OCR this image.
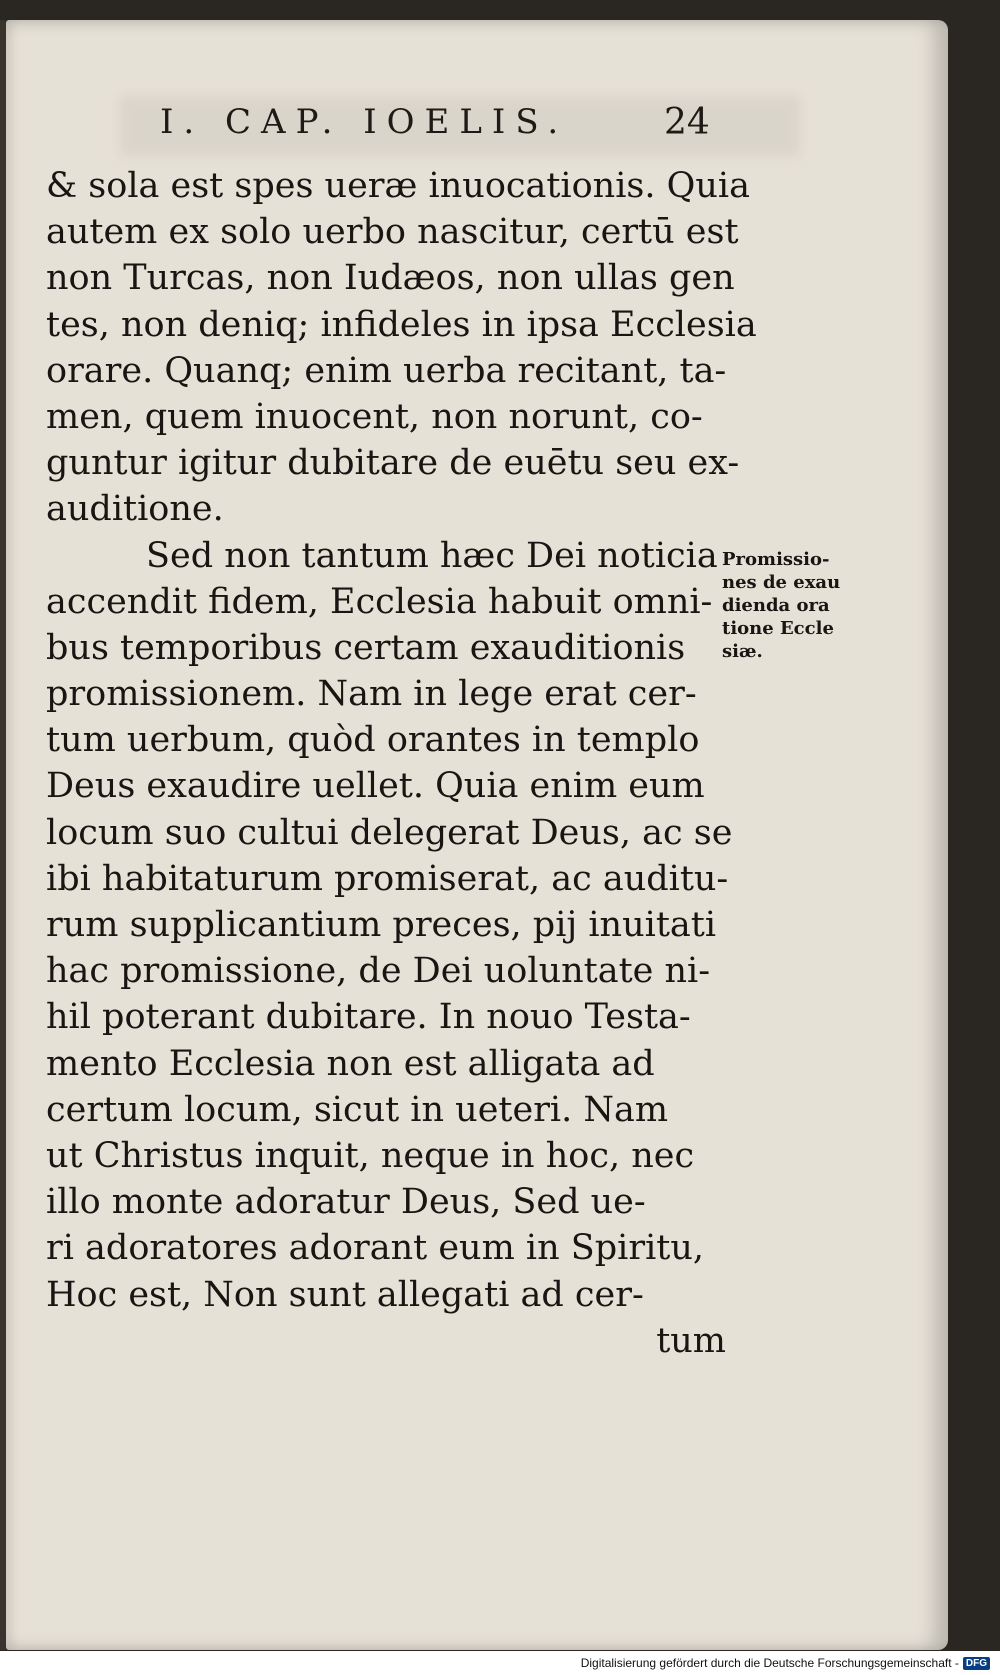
I. CAP. IOELIS.	24
& sola est spes ueræ inuocationis. Quia
autem ex solo uerbo nascitur, certū est
non Turcas, non Iudæos, non ullas gen
tes, non deniq; infideles in ipsa Ecclesia
orare. Quanq; enim uerba recitant, ta-
men, quem inuocent, non norunt, co-
guntur igitur dubitare de euētu seu ex-
auditione.
Sed non tantum hæc Dei noticia
accendit fidem, Ecclesia habuit omni-
bus temporibus certam exauditionis
promissionem. Nam in lege erat cer-
tum uerbum, quòd orantes in templo
Deus exaudire uellet. Quia enim eum
locum suo cultui delegerat Deus, ac se
ibi habitaturum promiserat, ac auditu-
rum supplicantium preces, pij inuitati
hac promissione, de Dei uoluntate ni-
hil poterant dubitare. In nouo Testa-
mento Ecclesia non est alligata ad
certum locum, sicut in ueteri. Nam
ut Christus inquit, neque in hoc, nec
illo monte adoratur Deus, Sed ue-
ri adoratores adorant eum in Spiritu,
Hoc est, Non sunt allegati ad cer-
tum
Promissio-
nes de exau
dienda ora
tione Eccle
siæ.
Digitalisierung gefördert durch die Deutsche Forschungsgemeinschaft - DFG
